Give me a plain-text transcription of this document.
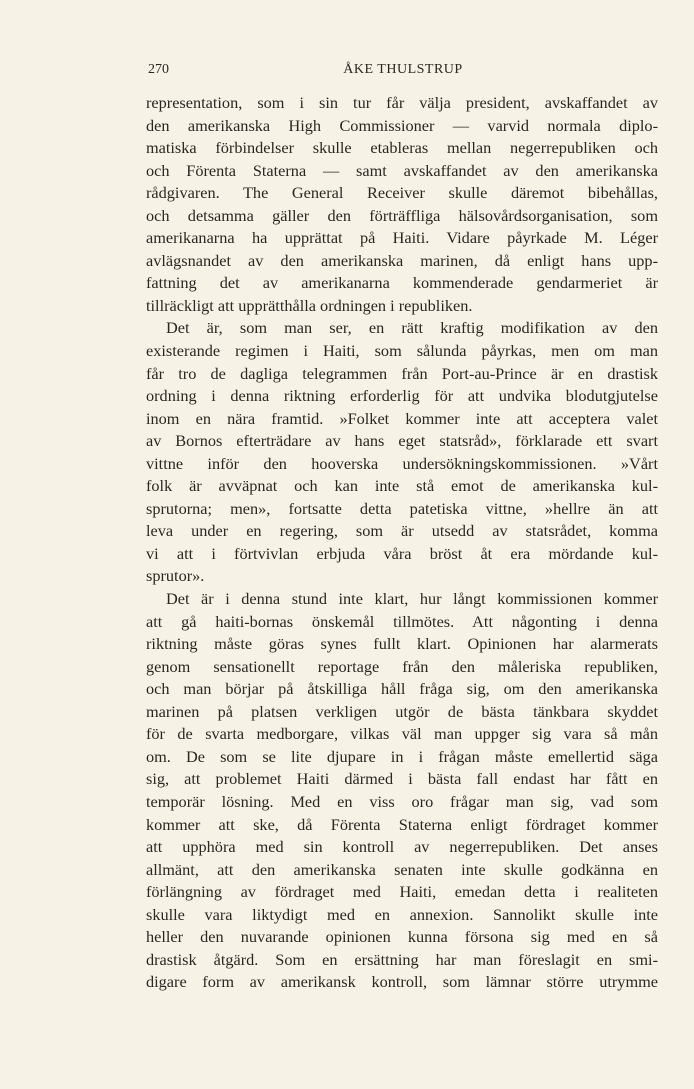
270	ÅKE THULSTRUP

representation, som i sin tur får välja president, avskaffandet av
den amerikanska High Commissioner — varvid normala diplo-
matiska förbindelser skulle etableras mellan negerrepubliken och
och Förenta Staterna — samt avskaffandet av den amerikanska
rådgivaren. The General Receiver skulle däremot bibehållas,
och detsamma gäller den förträffliga hälsovårdsorganisation, som
amerikanarna ha upprättat på Haiti. Vidare påyrkade M. Léger
avlägsnandet av den amerikanska marinen, då enligt hans upp-
fattning det av amerikanarna kommenderade gendarmeriet är
tillräckligt att upprätthålla ordningen i republiken.

Det är, som man ser, en rätt kraftig modifikation av den
existerande regimen i Haiti, som sålunda påyrkas, men om man
får tro de dagliga telegrammen från Port-au-Prince är en drastisk
ordning i denna riktning erforderlig för att undvika blodutgjutelse
inom en nära framtid. »Folket kommer inte att acceptera valet
av Bornos efterträdare av hans eget statsråd», förklarade ett svart
vittne inför den hooverska undersökningskommissionen. »Vårt
folk är avväpnat och kan inte stå emot de amerikanska kul-
sprutorna; men», fortsatte detta patetiska vittne, »hellre än att
leva under en regering, som är utsedd av statsrådet, komma
vi att i förtvivlan erbjuda våra bröst åt era mördande kul-
sprutor».

Det är i denna stund inte klart, hur långt kommissionen kommer
att gå haiti-bornas önskemål tillmötes. Att någonting i denna
riktning måste göras synes fullt klart. Opinionen har alarmerats
genom sensationellt reportage från den måleriska republiken,
och man börjar på åtskilliga håll fråga sig, om den amerikanska
marinen på platsen verkligen utgör de bästa tänkbara skyddet
för de svarta medborgare, vilkas väl man uppger sig vara så mån
om. De som se lite djupare in i frågan måste emellertid säga
sig, att problemet Haiti därmed i bästa fall endast har fått en
temporär lösning. Med en viss oro frågar man sig, vad som
kommer att ske, då Förenta Staterna enligt fördraget kommer
att upphöra med sin kontroll av negerrepubliken. Det anses
allmänt, att den amerikanska senaten inte skulle godkänna en
förlängning av fördraget med Haiti, emedan detta i realiteten
skulle vara liktydigt med en annexion. Sannolikt skulle inte
heller den nuvarande opinionen kunna försona sig med en så
drastisk åtgärd. Som en ersättning har man föreslagit en smi-
digare form av amerikansk kontroll, som lämnar större utrymme
